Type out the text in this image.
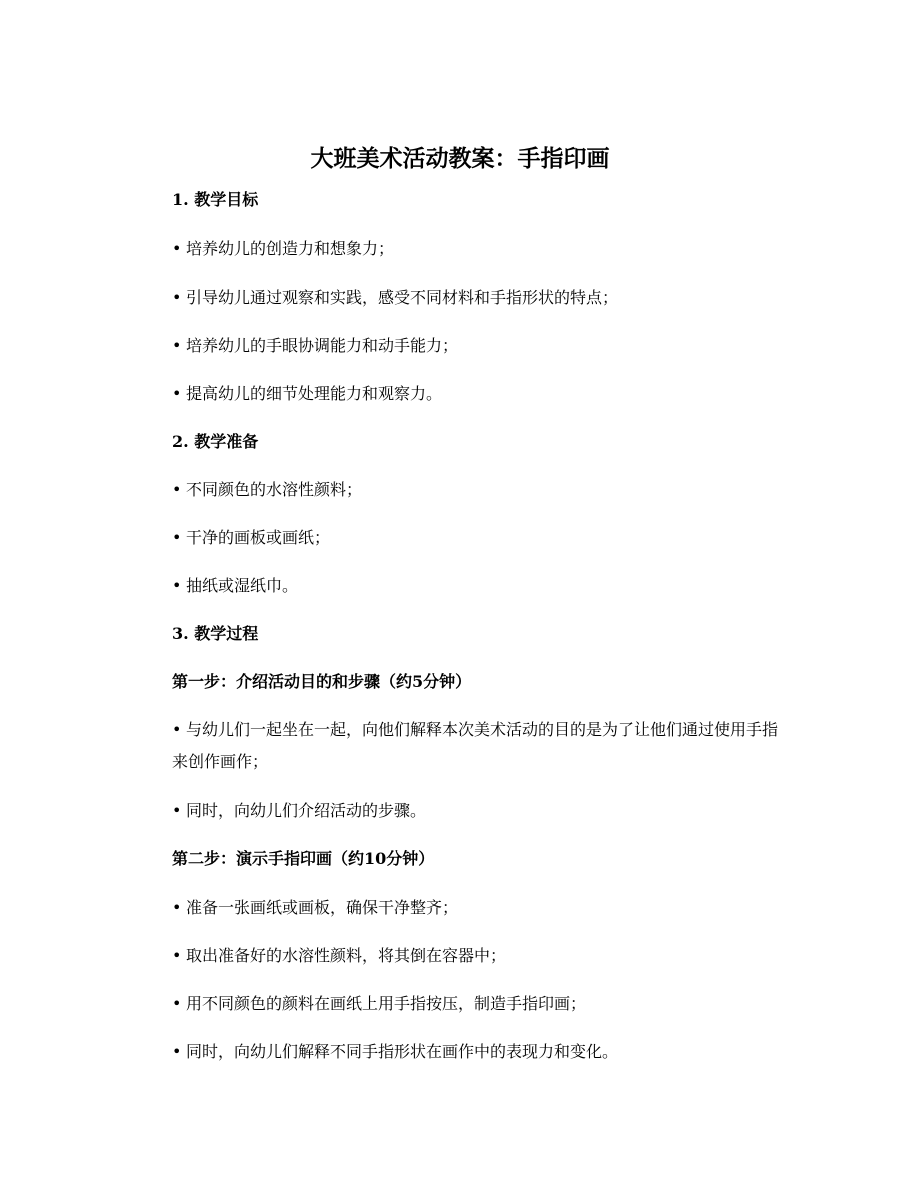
大班美术活动教案：手指印画
1. 教学目标
•培养幼儿的创造力和想象力；
•引导幼儿通过观察和实践，感受不同材料和手指形状的特点；
•培养幼儿的手眼协调能力和动手能力；
•提高幼儿的细节处理能力和观察力。
2. 教学准备
•不同颜色的水溶性颜料；
•干净的画板或画纸；
•抽纸或湿纸巾。
3. 教学过程
第一步：介绍活动目的和步骤（约5分钟）
•与幼儿们一起坐在一起，向他们解释本次美术活动的目的是为了让他们通过使用手指来创作画作；
•同时，向幼儿们介绍活动的步骤。
第二步：演示手指印画（约10分钟）
•准备一张画纸或画板，确保干净整齐；
•取出准备好的水溶性颜料，将其倒在容器中；
•用不同颜色的颜料在画纸上用手指按压，制造手指印画；
•同时，向幼儿们解释不同手指形状在画作中的表现力和变化。
